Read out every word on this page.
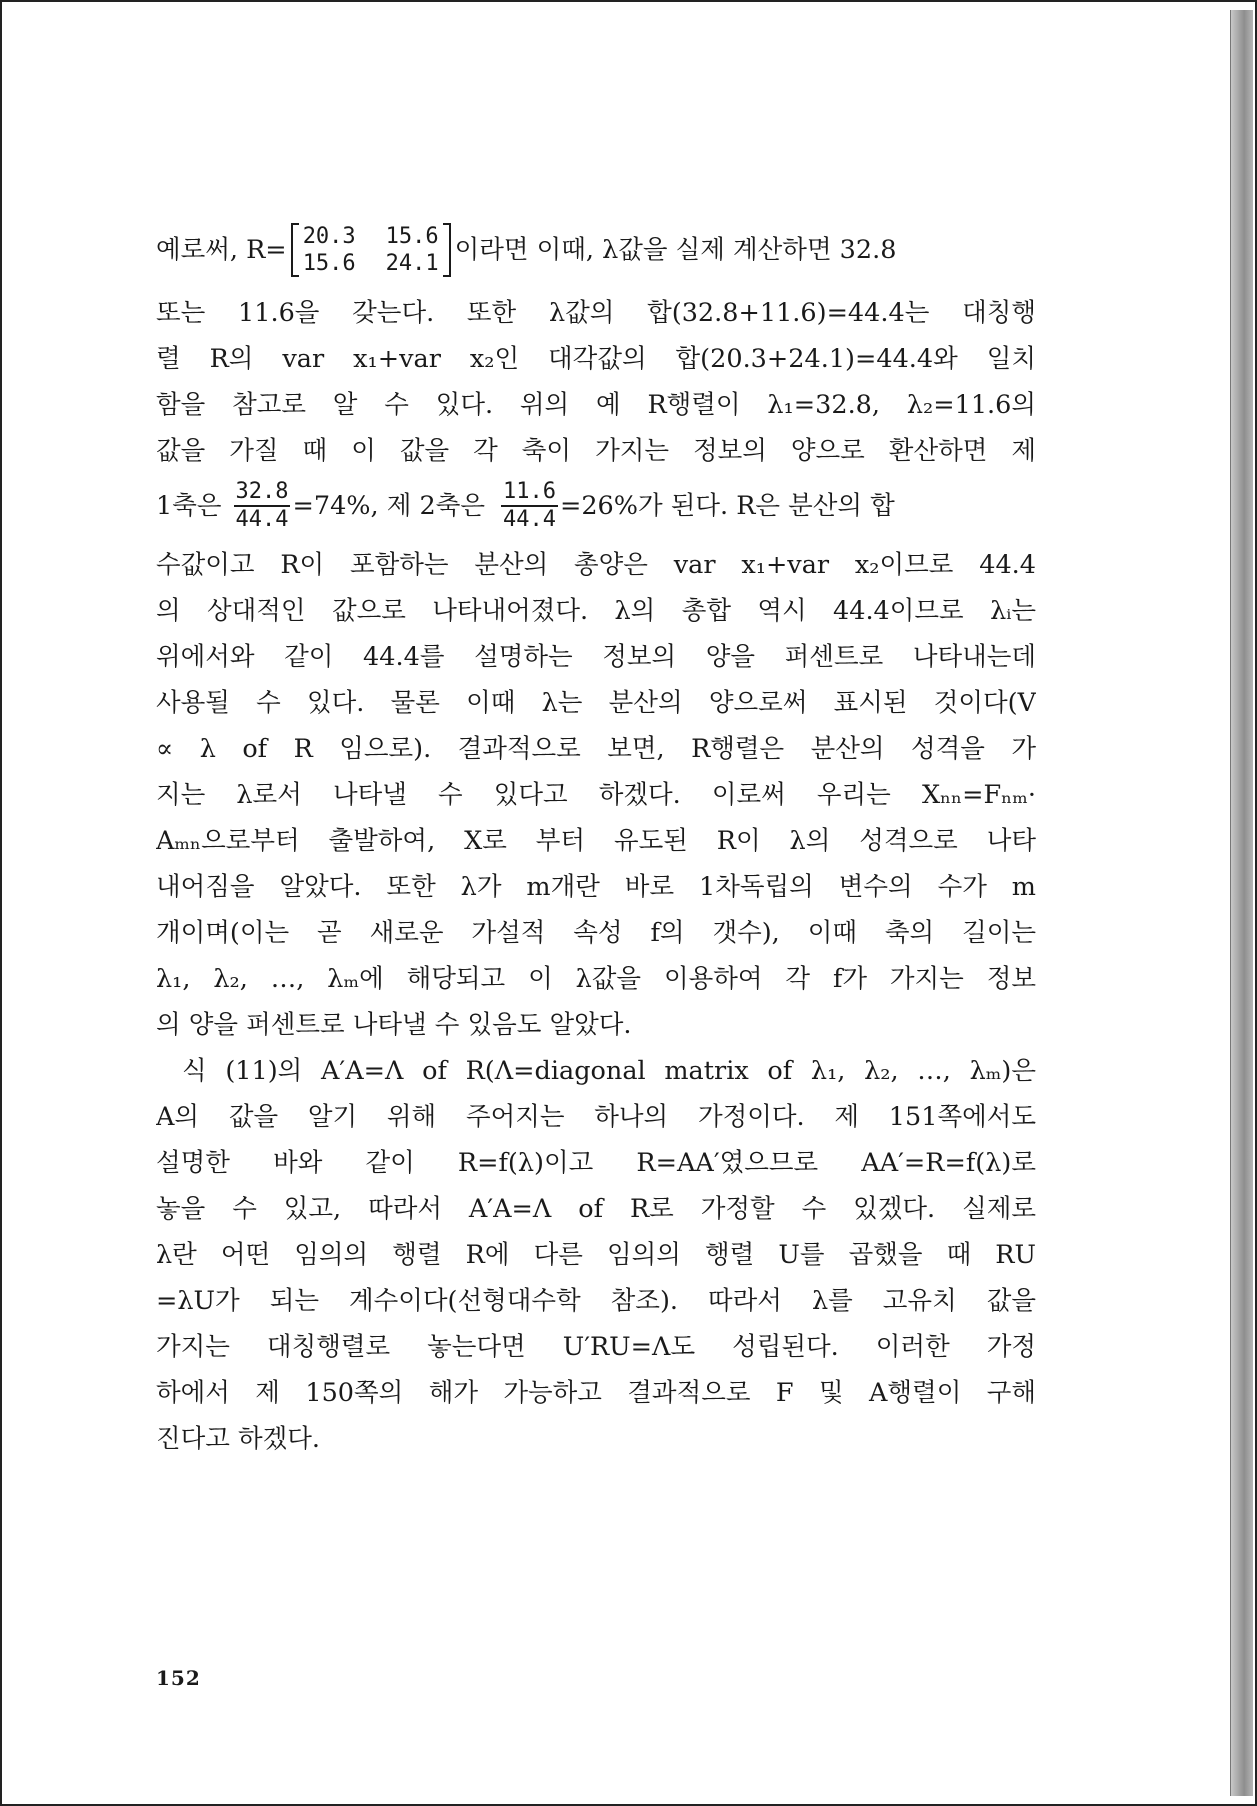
예로써, R= 20.3 15.6
15.6 24.1 이라면 이때, λ값을 실제 계산하면 32.8
또는 11.6을 갖는다. 또한 λ값의 합(32.8+11.6)=44.4는 대칭행
렬 R의 var x₁+var x₂인 대각값의 합(20.3+24.1)=44.4와 일치
함을 참고로 알 수 있다. 위의 예 R행렬이 λ₁=32.8, λ₂=11.6의
값을 가질 때 이 값을 각 축이 가지는 정보의 양으로 환산하면 제
1축은 $\frac{32.8}{44.4} =74\%$, 제 2축은 $\frac{11.6}{44.4} =26\%$가 된다. R은 분산의 합
수값이고 R이 포함하는 분산의 총양은 var x₁+var x₂이므로 44.4
의 상대적인 값으로 나타내어졌다. λ의 총합 역시 44.4이므로 λᵢ는
위에서와 같이 44.4를 설명하는 정보의 양을 퍼센트로 나타내는데
사용될 수 있다. 물론 이때 λ는 분산의 양으로써 표시된 것이다(V
∝ λ of R 임으로). 결과적으로 보면, R행렬은 분산의 성격을 가
지는 λ로서 나타낼 수 있다고 하겠다. 이로써 우리는 Xₙₙ=Fₙₘ·
Aₘₙ으로부터 출발하여, X로 부터 유도된 R이 λ의 성격으로 나타
내어짐을 알았다. 또한 λ가 m개란 바로 1차독립의 변수의 수가 m
개이며(이는 곧 새로운 가설적 속성 f의 갯수), 이때 축의 길이는
λ₁, λ₂, …, λₘ에 해당되고 이 λ값을 이용하여 각 f가 가지는 정보
의 양을 퍼센트로 나타낼 수 있음도 알았다.
식 (11)의 A′A=Λ of R(Λ=diagonal matrix of λ₁, λ₂, …, λₘ)은
A의 값을 알기 위해 주어지는 하나의 가정이다. 제 151쪽에서도
설명한 바와 같이 R=f(λ)이고 R=AA′였으므로 AA′=R=f(λ)로
놓을 수 있고, 따라서 A′A=Λ of R로 가정할 수 있겠다. 실제로
λ란 어떤 임의의 행렬 R에 다른 임의의 행렬 U를 곱했을 때 RU
=λU가 되는 계수이다(선형대수학 참조). 따라서 λ를 고유치 값을
가지는 대칭행렬로 놓는다면 U′RU=Λ도 성립된다. 이러한 가정
하에서 제 150쪽의 해가 가능하고 결과적으로 F 및 A행렬이 구해
진다고 하겠다.
152
